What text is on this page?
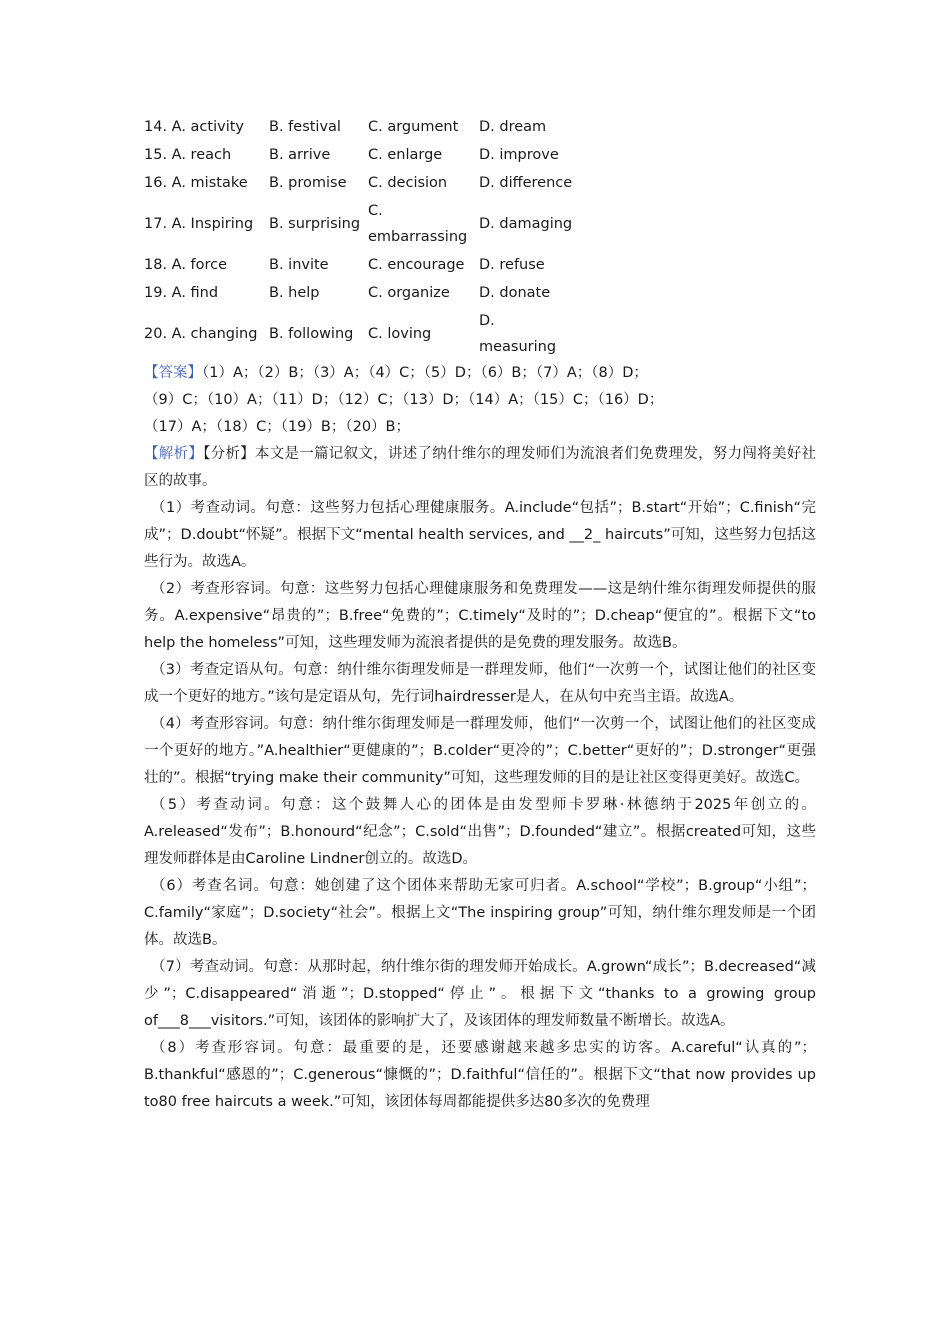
14. A. activity	B. festival	C. argument	D. dream
15. A. reach	B. arrive	C. enlarge	D. improve
16. A. mistake	B. promise	C. decision	D. difference
17. A. Inspiring	B. surprising	C.
embarrassing	D. damaging
18. A. force	B. invite	C. encourage	D. refuse
19. A. find	B. help	C. organize	D. donate
20. A. changing	B. following	C. loving	D.
measuring

【答案】（1）A；（2）B；（3）A；（4）C；（5）D；（6）B；（7）A；（8）D；

（9）C；（10）A；（11）D；（12）C；（13）D；（14）A；（15）C；（16）D；

（17）A；（18）C；（19）B；（20）B；

【解析】【分析】本文是一篇记叙文，讲述了纳什维尔的理发师们为流浪者们免费理发，努力闯将美好社区的故事。

（1）考查动词。句意：这些努力包括心理健康服务。A.include“包括”；B.start“开始”；C.finish“完成”；D.doubt“怀疑”。根据下文“mental health services, and __2_ haircuts”可知，这些努力包括这些行为。故选A。

（2）考查形容词。句意：这些努力包括心理健康服务和免费理发——这是纳什维尔街理发师提供的服务。A.expensive“昂贵的”；B.free“免费的”；C.timely“及时的”；D.cheap“便宜的”。根据下文“to help the homeless”可知，这些理发师为流浪者提供的是免费的理发服务。故选B。

（3）考查定语从句。句意：纳什维尔街理发师是一群理发师，他们“一次剪一个，试图让他们的社区变成一个更好的地方。”该句是定语从句，先行词hairdresser是人，在从句中充当主语。故选A。

（4）考查形容词。句意：纳什维尔街理发师是一群理发师，他们“一次剪一个，试图让他们的社区变成一个更好的地方。”A.healthier“更健康的”；B.colder“更冷的”；C.better“更好的”；D.stronger“更强壮的”。根据“trying make their community”可知，这些理发师的目的是让社区变得更美好。故选C。

（5）考查动词。句意：这个鼓舞人心的团体是由发型师卡罗琳·林德纳于2025年创立的。A.released“发布”；B.honourd“纪念”；C.sold“出售”；D.founded“建立”。根据created可知，这些理发师群体是由Caroline Lindner创立的。故选D。

（6）考查名词。句意：她创建了这个团体来帮助无家可归者。A.school“学校”；B.group“小组”；C.family“家庭”；D.society“社会”。根据上文“The inspiring group”可知，纳什维尔理发师是一个团体。故选B。

（7）考查动词。句意：从那时起，纳什维尔街的理发师开始成长。A.grown“成长”；B.decreased“减少”；C.disappeared“消逝”；D.stopped“停止”。根据下文“thanks to a growing group of___8___visitors.”可知，该团体的影响扩大了，及该团体的理发师数量不断增长。故选A。

（8）考查形容词。句意：最重要的是，还要感谢越来越多忠实的访客。A.careful“认真的”；B.thankful“感恩的”；C.generous“慷慨的”；D.faithful“信任的”。根据下文“that now provides up to80 free haircuts a week.”可知，该团体每周都能提供多达80多次的免费理
